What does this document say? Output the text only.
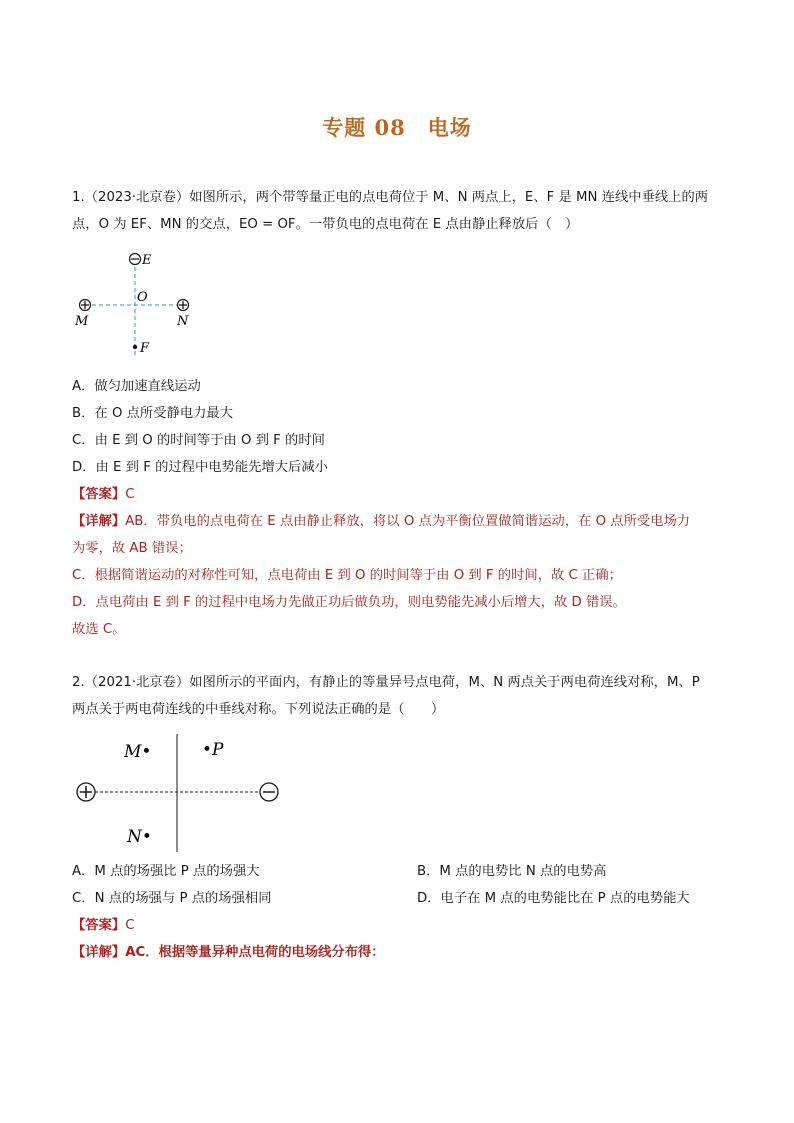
专题 08　电场
1.（2023·北京卷）如图所示，两个带等量正电的点电荷位于 M、N 两点上，E、F 是 MN 连线中垂线上的两
点，O 为 EF、MN 的交点，EO = OF。一带负电的点电荷在 E 点由静止释放后（　）
E
O
M	N
F
A．做匀加速直线运动
B．在 O 点所受静电力最大
C．由 E 到 O 的时间等于由 O 到 F 的时间
D．由 E 到 F 的过程中电势能先增大后减小
【答案】C
【详解】AB．带负电的点电荷在 E 点由静止释放，将以 O 点为平衡位置做简谐运动，在 O 点所受电场力
为零，故 AB 错误；
C．根据简谐运动的对称性可知，点电荷由 E 到 O 的时间等于由 O 到 F 的时间，故 C 正确；
D．点电荷由 E 到 F 的过程中电场力先做正功后做负功，则电势能先减小后增大，故 D 错误。
故选 C。
2.（2021·北京卷）如图所示的平面内，有静止的等量异号点电荷，M、N 两点关于两电荷连线对称，M、P
两点关于两电荷连线的中垂线对称。下列说法正确的是（　　）
M•	•P
N•
A．M 点的场强比 P 点的场强大	B．M 点的电势比 N 点的电势高
C．N 点的场强与 P 点的场强相同	D．电子在 M 点的电势能比在 P 点的电势能大
【答案】C
【详解】AC．根据等量异种点电荷的电场线分布得：
